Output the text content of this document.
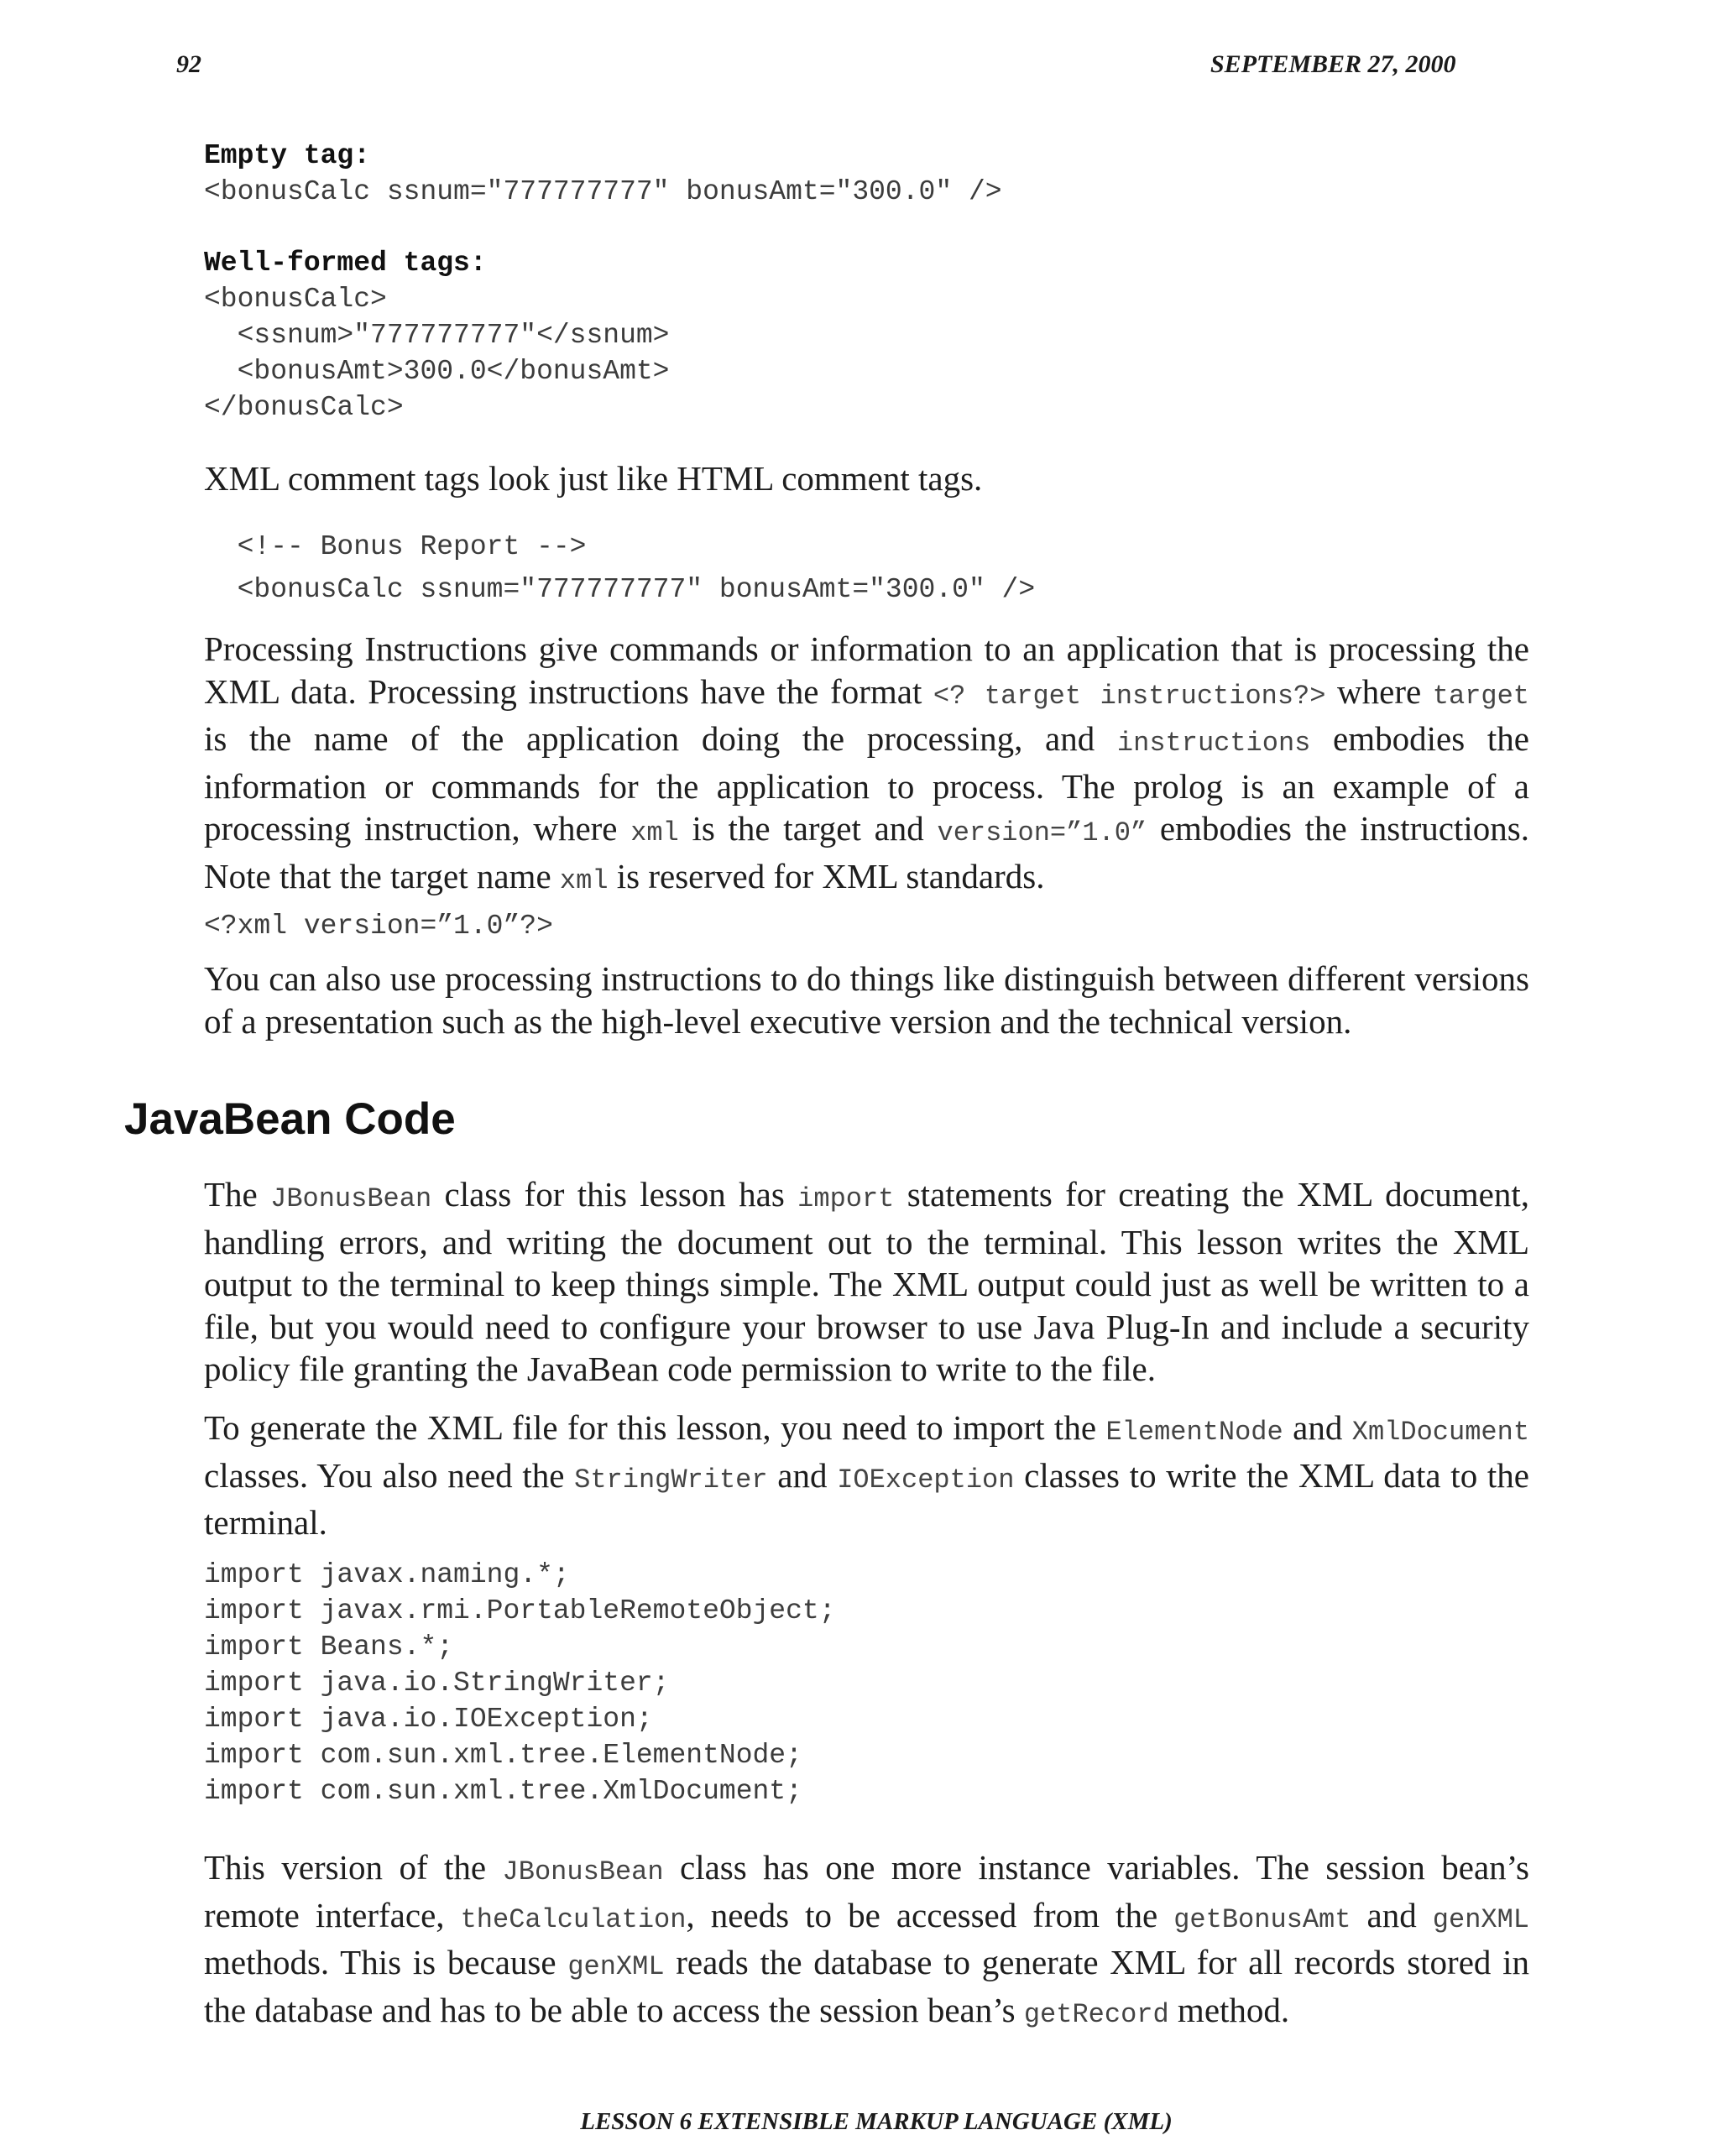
92	SEPTEMBER 27, 2000
Empty tag:
<bonusCalc ssnum="777777777" bonusAmt="300.0" />
Well-formed tags:
<bonusCalc>
<ssnum>"777777777"</ssnum>
<bonusAmt>300.0</bonusAmt>
</bonusCalc>
XML comment tags look just like HTML comment tags.
<!-- Bonus Report -->
<bonusCalc ssnum="777777777" bonusAmt="300.0" />
Processing Instructions give commands or information to an application that is processing the XML data. Processing instructions have the format <? target instructions?> where target is the name of the application doing the processing, and instructions embodies the information or commands for the application to process. The prolog is an example of a processing instruction, where xml is the target and version=”1.0” embodies the instructions. Note that the target name xml is reserved for XML standards.
<?xml version=”1.0”?>
You can also use processing instructions to do things like distinguish between different versions of a presentation such as the high-level executive version and the technical version.
JavaBean Code
The JBonusBean class for this lesson has import statements for creating the XML document, handling errors, and writing the document out to the terminal. This lesson writes the XML output to the terminal to keep things simple. The XML output could just as well be written to a file, but you would need to configure your browser to use Java Plug-In and include a security policy file granting the JavaBean code permission to write to the file.
To generate the XML file for this lesson, you need to import the ElementNode and XmlDocument classes. You also need the StringWriter and IOException classes to write the XML data to the terminal.
import javax.naming.*;
import javax.rmi.PortableRemoteObject;
import Beans.*;
import java.io.StringWriter;
import java.io.IOException;
import com.sun.xml.tree.ElementNode;
import com.sun.xml.tree.XmlDocument;
This version of the JBonusBean class has one more instance variables. The session bean’s remote interface, theCalculation, needs to be accessed from the getBonusAmt and genXML methods. This is because genXML reads the database to generate XML for all records stored in the database and has to be able to access the session bean’s getRecord method.
LESSON 6 EXTENSIBLE MARKUP LANGUAGE (XML)
